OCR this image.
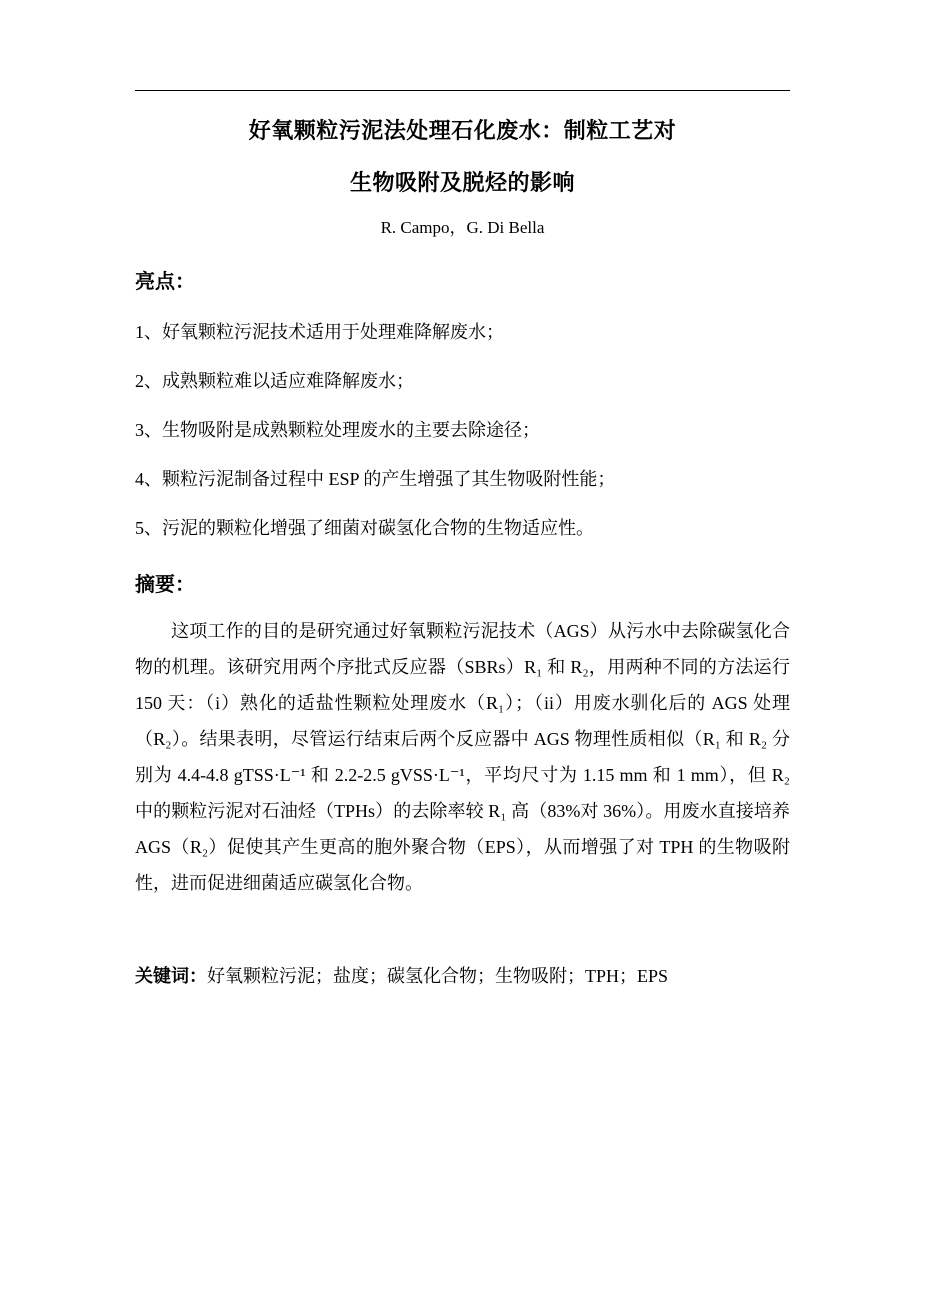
好氧颗粒污泥法处理石化废水：制粒工艺对
生物吸附及脱烃的影响
R. Campo，G. Di Bella
亮点：
1、好氧颗粒污泥技术适用于处理难降解废水；
2、成熟颗粒难以适应难降解废水；
3、生物吸附是成熟颗粒处理废水的主要去除途径；
4、颗粒污泥制备过程中 ESP 的产生增强了其生物吸附性能；
5、污泥的颗粒化增强了细菌对碳氢化合物的生物适应性。
摘要：

这项工作的目的是研究通过好氧颗粒污泥技术（AGS）从污水中去除碳氢化合物的机理。该研究用两个序批式反应器（SBRs）R₁ 和 R₂，用两种不同的方法运行 150 天：（i）熟化的适盐性颗粒处理废水（R₁）；（ii）用废水驯化后的 AGS 处理（R₂）。结果表明，尽管运行结束后两个反应器中 AGS 物理性质相似（R₁ 和 R₂ 分别为 4.4-4.8 gTSS·L⁻¹ 和 2.2-2.5 gVSS·L⁻¹，平均尺寸为 1.15 mm 和 1 mm），但 R₂ 中的颗粒污泥对石油烃（TPHs）的去除率较 R₁ 高（83%对 36%）。用废水直接培养 AGS（R₂）促使其产生更高的胞外聚合物（EPS），从而增强了对 TPH 的生物吸附性，进而促进细菌适应碳氢化合物。

关键词：好氧颗粒污泥；盐度；碳氢化合物；生物吸附；TPH；EPS
